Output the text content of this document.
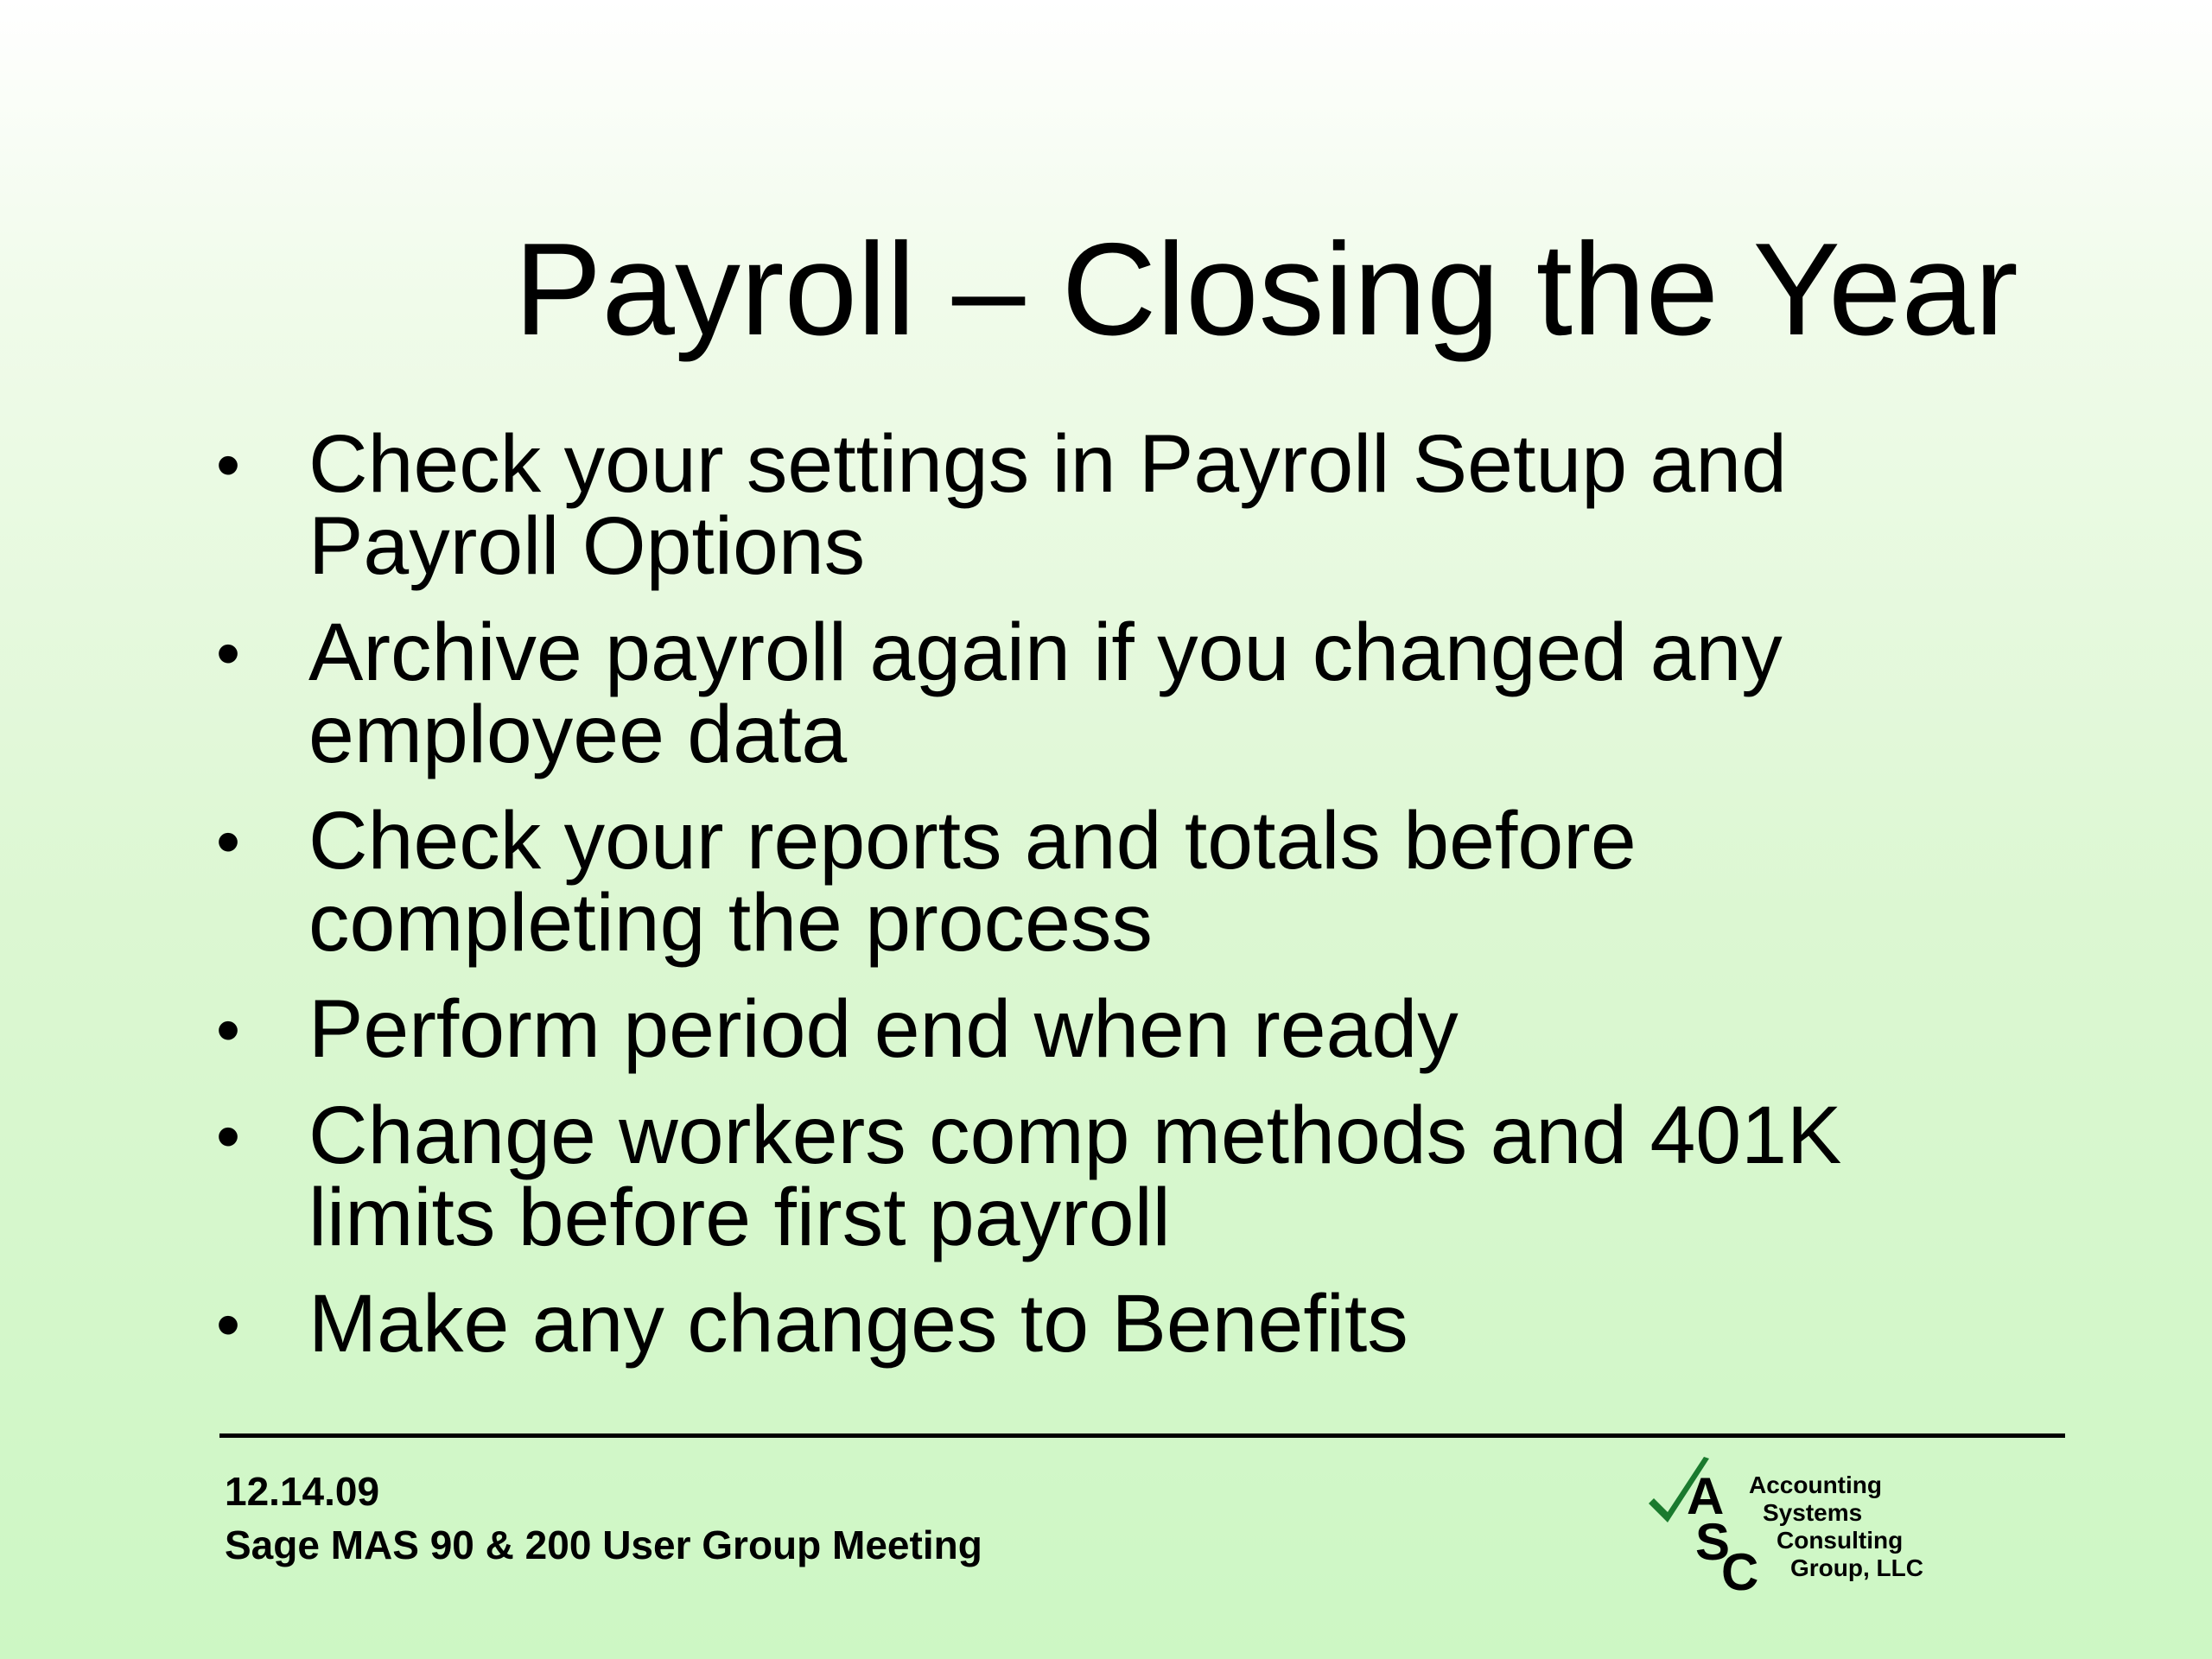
Payroll – Closing the Year
• Check your settings in Payroll Setup and
Payroll Options
• Archive payroll again if you changed any
employee data
• Check your reports and totals before
completing the process
• Perform period end when ready
• Change workers comp methods and 401K
limits before first payroll
• Make any changes to Benefits
12.14.09
Sage MAS 90 & 200 User Group Meeting
A
S
C
Accounting
Systems
Consulting
Group, LLC
